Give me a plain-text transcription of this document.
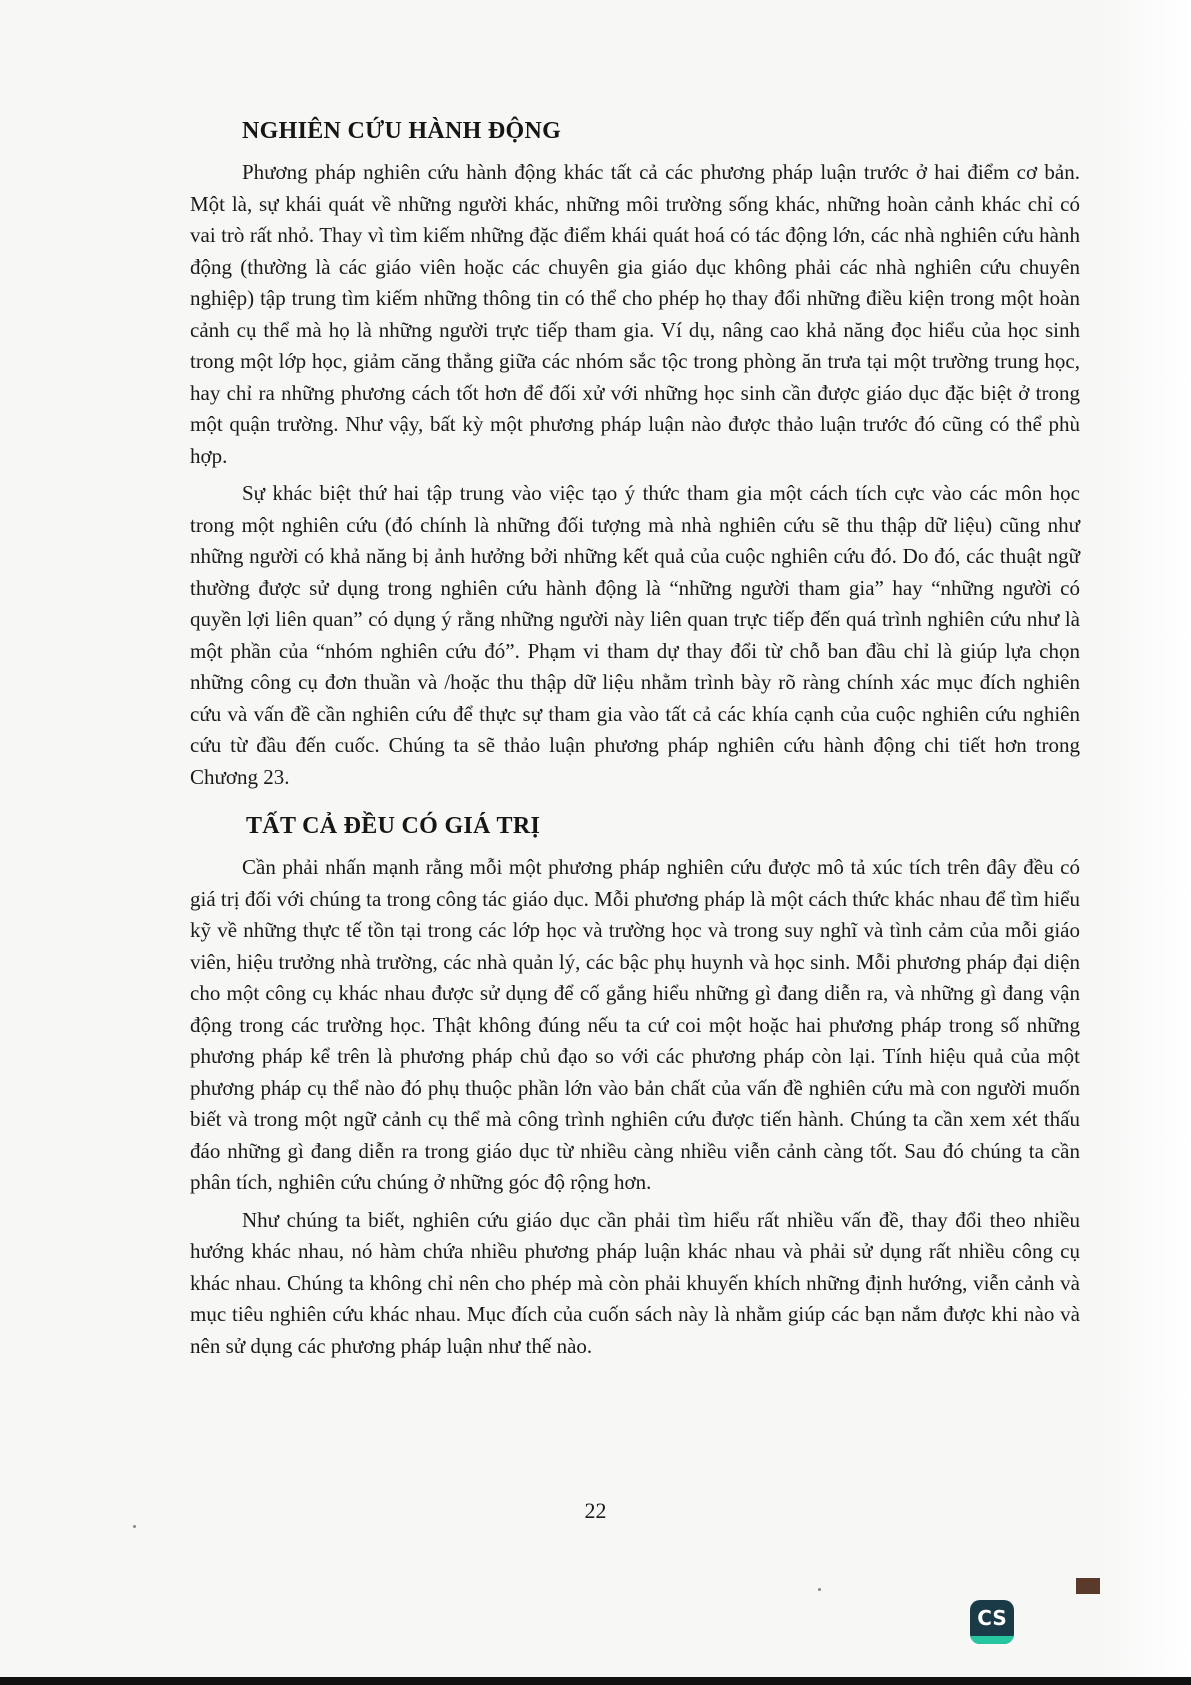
NGHIÊN CỨU HÀNH ĐỘNG

Phương pháp nghiên cứu hành động khác tất cả các phương pháp luận trước ở hai điểm cơ bản. Một là, sự khái quát về những người khác, những môi trường sống khác, những hoàn cảnh khác chỉ có vai trò rất nhỏ. Thay vì tìm kiếm những đặc điểm khái quát hoá có tác động lớn, các nhà nghiên cứu hành động (thường là các giáo viên hoặc các chuyên gia giáo dục không phải các nhà nghiên cứu chuyên nghiệp) tập trung tìm kiếm những thông tin có thể cho phép họ thay đổi những điều kiện trong một hoàn cảnh cụ thể mà họ là những người trực tiếp tham gia. Ví dụ, nâng cao khả năng đọc hiểu của học sinh trong một lớp học, giảm căng thẳng giữa các nhóm sắc tộc trong phòng ăn trưa tại một trường trung học, hay chỉ ra những phương cách tốt hơn để đối xử với những học sinh cần được giáo dục đặc biệt ở trong một quận trường. Như vậy, bất kỳ một phương pháp luận nào được thảo luận trước đó cũng có thể phù hợp.

Sự khác biệt thứ hai tập trung vào việc tạo ý thức tham gia một cách tích cực vào các môn học trong một nghiên cứu (đó chính là những đối tượng mà nhà nghiên cứu sẽ thu thập dữ liệu) cũng như những người có khả năng bị ảnh hưởng bởi những kết quả của cuộc nghiên cứu đó. Do đó, các thuật ngữ thường được sử dụng trong nghiên cứu hành động là “những người tham gia” hay “những người có quyền lợi liên quan” có dụng ý rằng những người này liên quan trực tiếp đến quá trình nghiên cứu như là một phần của “nhóm nghiên cứu đó”. Phạm vi tham dự thay đổi từ chỗ ban đầu chỉ là giúp lựa chọn những công cụ đơn thuần và /hoặc thu thập dữ liệu nhằm trình bày rõ ràng chính xác mục đích nghiên cứu và vấn đề cần nghiên cứu để thực sự tham gia vào tất cả các khía cạnh của cuộc nghiên cứu nghiên cứu từ đầu đến cuốc. Chúng ta sẽ thảo luận phương pháp nghiên cứu hành động chi tiết hơn trong Chương 23.

TẤT CẢ ĐỀU CÓ GIÁ TRỊ

Cần phải nhấn mạnh rằng mỗi một phương pháp nghiên cứu được mô tả xúc tích trên đây đều có giá trị đối với chúng ta trong công tác giáo dục. Mỗi phương pháp là một cách thức khác nhau để tìm hiểu kỹ về những thực tế tồn tại trong các lớp học và trường học và trong suy nghĩ và tình cảm của mỗi giáo viên, hiệu trưởng nhà trường, các nhà quản lý, các bậc phụ huynh và học sinh. Mỗi phương pháp đại diện cho một công cụ khác nhau được sử dụng để cố gắng hiểu những gì đang diễn ra, và những gì đang vận động trong các trường học. Thật không đúng nếu ta cứ coi một hoặc hai phương pháp trong số những phương pháp kể trên là phương pháp chủ đạo so với các phương pháp còn lại. Tính hiệu quả của một phương pháp cụ thể nào đó phụ thuộc phần lớn vào bản chất của vấn đề nghiên cứu mà con người muốn biết và trong một ngữ cảnh cụ thể mà công trình nghiên cứu được tiến hành. Chúng ta cần xem xét thấu đáo những gì đang diễn ra trong giáo dục từ nhiều càng nhiều viễn cảnh càng tốt. Sau đó chúng ta cần phân tích, nghiên cứu chúng ở những góc độ rộng hơn.

Như chúng ta biết, nghiên cứu giáo dục cần phải tìm hiểu rất nhiều vấn đề, thay đổi theo nhiều hướng khác nhau, nó hàm chứa nhiều phương pháp luận khác nhau và phải sử dụng rất nhiều công cụ khác nhau. Chúng ta không chỉ nên cho phép mà còn phải khuyến khích những định hướng, viễn cảnh và mục tiêu nghiên cứu khác nhau. Mục đích của cuốn sách này là nhằm giúp các bạn nắm được khi nào và nên sử dụng các phương pháp luận như thế nào.

22
CS
